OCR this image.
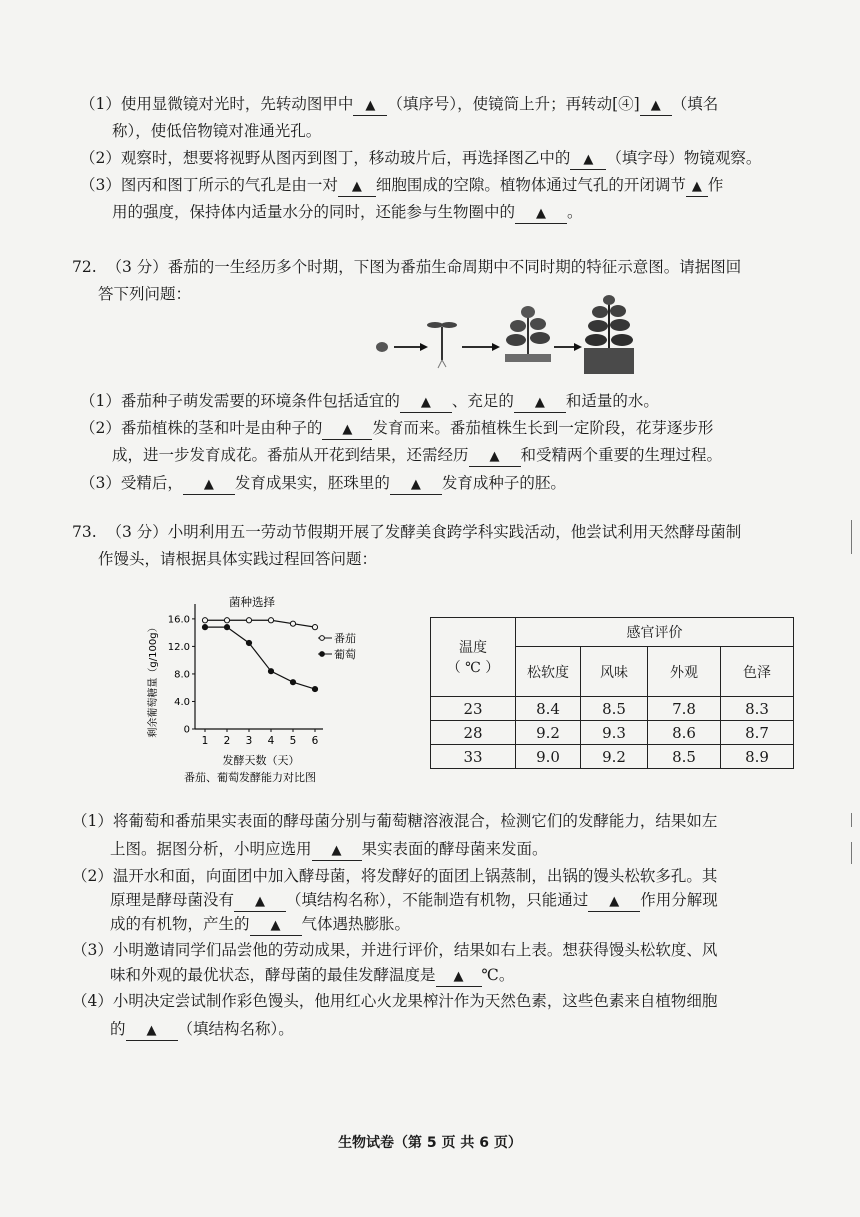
（1）使用显微镜对光时，先转动图甲中 ▲ （填序号），使镜筒上升；再转动[④] ▲ （填名
称），使低倍物镜对准通光孔。
（2）观察时，想要将视野从图丙到图丁，移动玻片后，再选择图乙中的 ▲ （填字母）物镜观察。
（3）图丙和图丁所示的气孔是由一对 ▲ 细胞围成的空隙。植物体通过气孔的开闭调节 ▲ 作
用的强度，保持体内适量水分的同时，还能参与生物圈中的 ▲ 。
72. （3 分）番茄的一生经历多个时期，下图为番茄生命周期中不同时期的特征示意图。请据图回
答下列问题：
（1）番茄种子萌发需要的环境条件包括适宜的 ▲ 、充足的 ▲ 和适量的水。
（2）番茄植株的茎和叶是由种子的 ▲ 发育而来。番茄植株生长到一定阶段，花芽逐步形
成，进一步发育成花。番茄从开花到结果，还需经历 ▲ 和受精两个重要的生理过程。
（3）受精后， ▲ 发育成果实，胚珠里的 ▲ 发育成种子的胚。
73. （3 分）小明利用五一劳动节假期开展了发酵美食跨学科实践活动，他尝试利用天然酵母菌制
作馒头，请根据具体实践过程回答问题：
菌种选择
剩余葡萄糖量（g/100g） 0
4.0
8.0
12.0
16.0
1 2 3 4 5 6
发酵天数（天）
番茄、葡萄发酵能力对比图
番茄
葡萄	温度
（ ℃ ）	感官评价			
	松软度	风味	外观	色泽
23	8.4	8.5	7.8	8.3
28	9.2	9.3	8.6	8.7
33	9.0	9.2	8.5	8.9
（1）将葡萄和番茄果实表面的酵母菌分别与葡萄糖溶液混合，检测它们的发酵能力，结果如左
上图。据图分析，小明应选用 ▲ 果实表面的酵母菌来发面。
（2）温开水和面，向面团中加入酵母菌，将发酵好的面团上锅蒸制，出锅的馒头松软多孔。其
原理是酵母菌没有 ▲ （填结构名称），不能制造有机物，只能通过 ▲ 作用分解现
成的有机物，产生的 ▲ 气体遇热膨胀。
（3）小明邀请同学们品尝他的劳动成果，并进行评价，结果如右上表。想获得馒头松软度、风
味和外观的最优状态，酵母菌的最佳发酵温度是 ▲ ℃。
（4）小明决定尝试制作彩色馒头，他用红心火龙果榨汁作为天然色素，这些色素来自植物细胞
的 ▲ （填结构名称）。
生物试卷（第 5 页 共 6 页）
